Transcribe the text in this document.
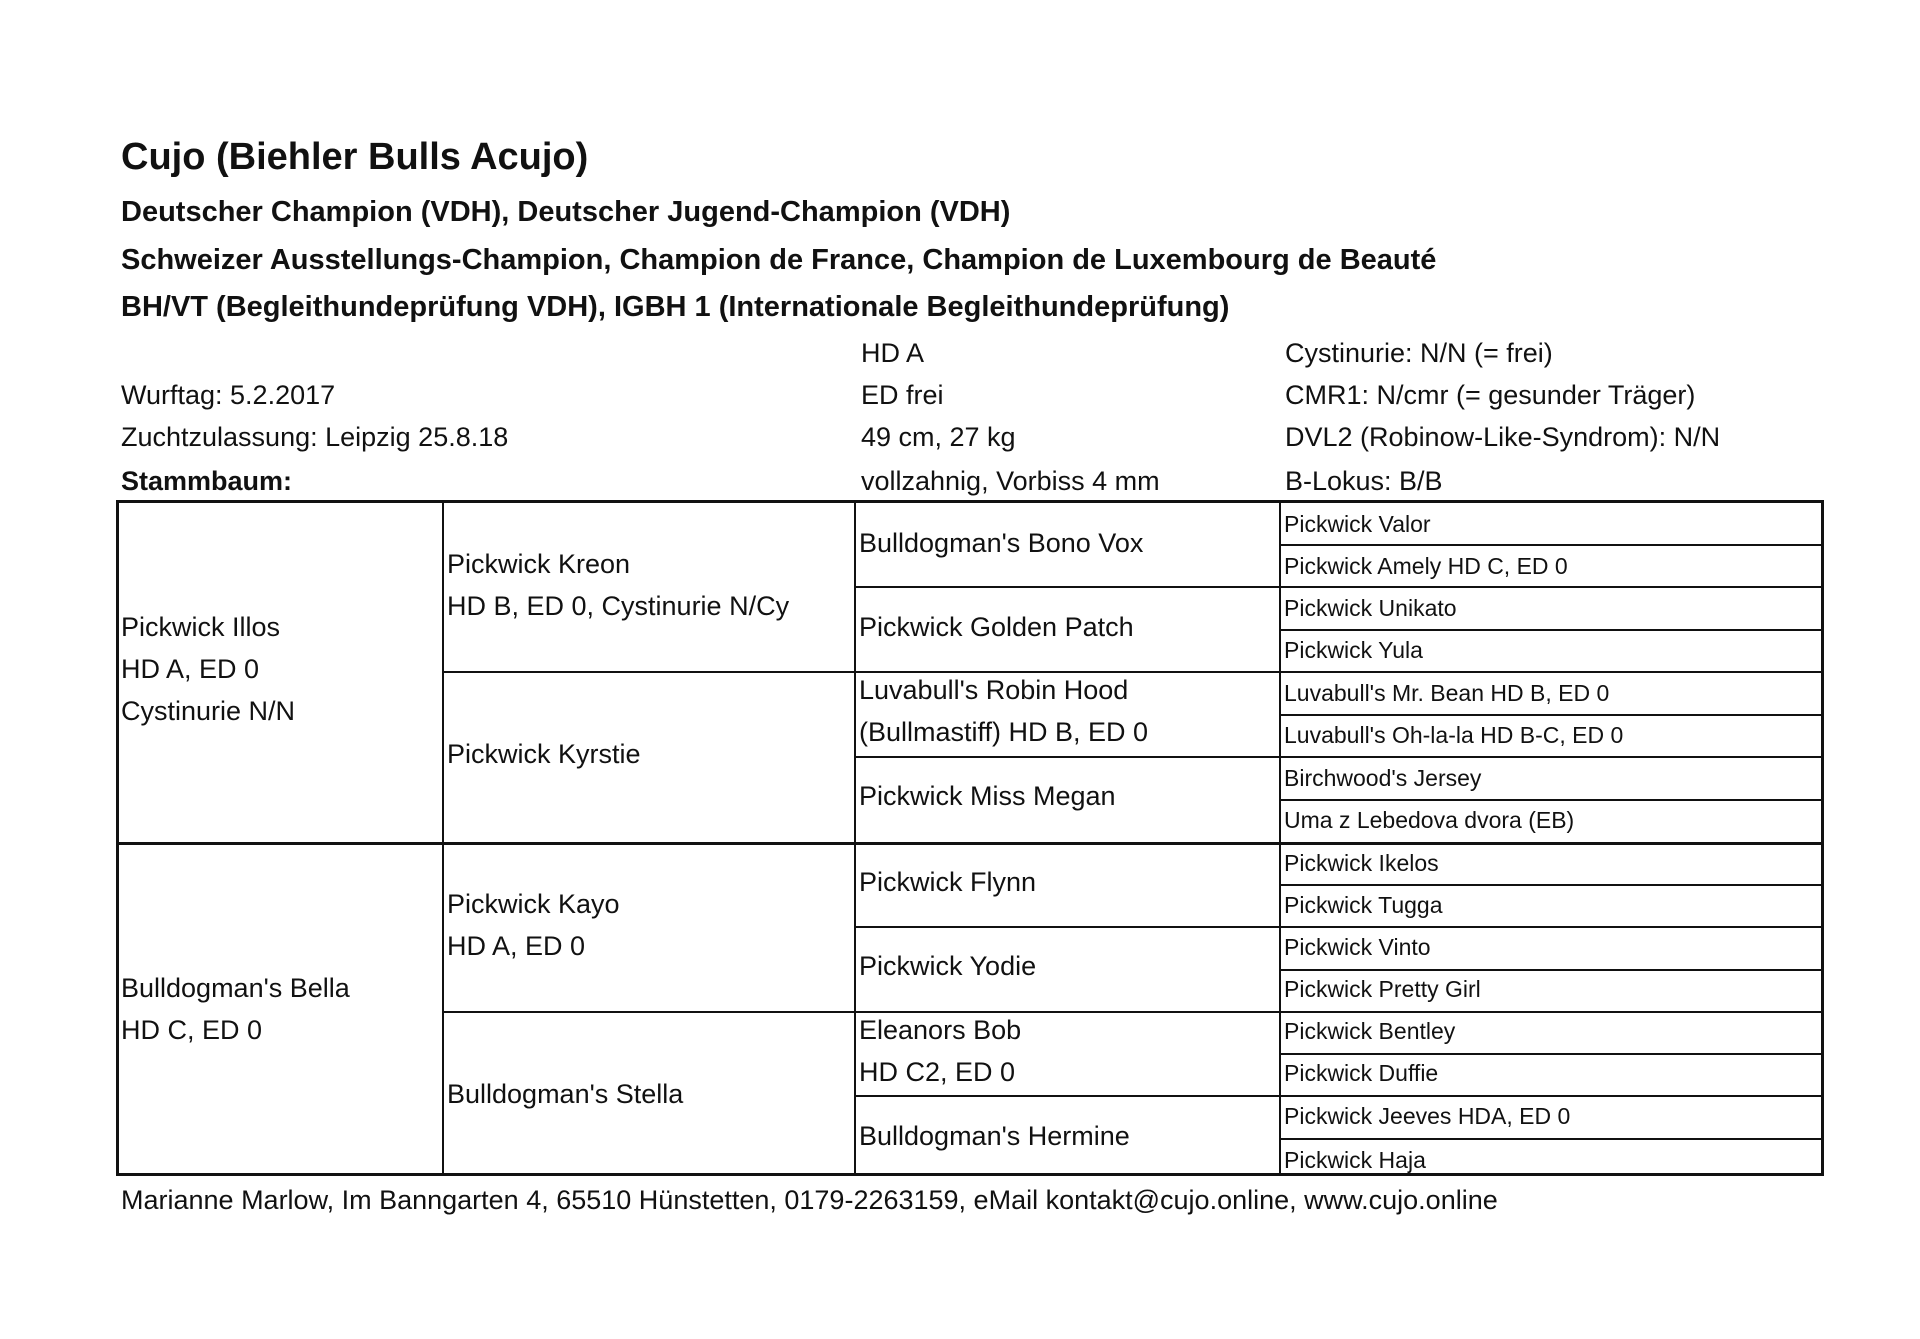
Cujo (Biehler Bulls Acujo)
Deutscher Champion (VDH), Deutscher Jugend-Champion (VDH)
Schweizer Ausstellungs-Champion, Champion de France, Champion de Luxembourg de Beauté
BH/VT (Begleithundeprüfung VDH), IGBH 1 (Internationale Begleithundeprüfung)
Wurftag: 5.2.2017
Zuchtzulassung: Leipzig 25.8.18
Stammbaum:
HD A
ED frei
49 cm, 27 kg
vollzahnig, Vorbiss 4 mm
Cystinurie: N/N (= frei)
CMR1: N/cmr (= gesunder Träger)
DVL2 (Robinow-Like-Syndrom): N/N
B-Lokus: B/B
Pickwick Illos
HD A, ED 0
Cystinurie N/N
Bulldogman's Bella
HD C, ED 0
Pickwick Kreon
HD B, ED 0, Cystinurie N/Cy
Pickwick Kyrstie
Pickwick Kayo
HD A, ED 0
Bulldogman's Stella
Bulldogman's Bono Vox
Pickwick Golden Patch
Luvabull's Robin Hood
(Bullmastiff) HD B, ED 0
Pickwick Miss Megan
Pickwick Flynn
Pickwick Yodie
Eleanors Bob
HD C2, ED 0
Bulldogman's Hermine
Pickwick Valor
Pickwick Amely HD C, ED 0
Pickwick Unikato
Pickwick Yula
Luvabull's Mr. Bean HD B, ED 0
Luvabull's Oh-la-la HD B-C, ED 0
Birchwood's Jersey
Uma z Lebedova dvora (EB)
Pickwick Ikelos
Pickwick Tugga
Pickwick Vinto
Pickwick Pretty Girl
Pickwick Bentley
Pickwick Duffie
Pickwick Jeeves HDA, ED 0
Pickwick Haja
Marianne Marlow, Im Banngarten 4, 65510 Hünstetten, 0179-2263159, eMail kontakt@cujo.online, www.cujo.online
